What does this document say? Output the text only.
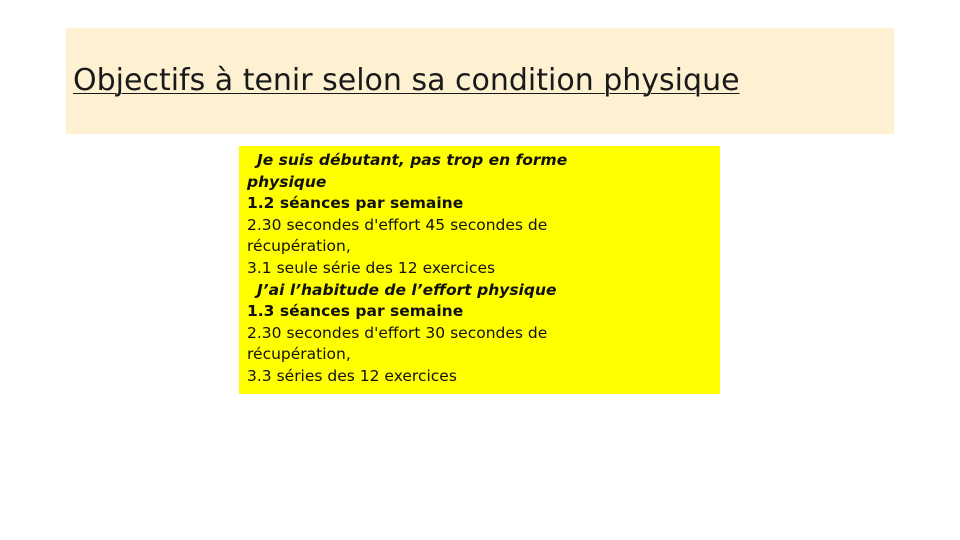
Objectifs à tenir selon sa condition physique
Je suis débutant, pas trop en forme
physique
1.2 séances par semaine
2.30 secondes d'effort 45 secondes de
récupération,
3.1 seule série des 12 exercices
J’ai l’habitude de l’effort physique
1.3 séances par semaine
2.30 secondes d'effort 30 secondes de
récupération,
3.3 séries des 12 exercices
